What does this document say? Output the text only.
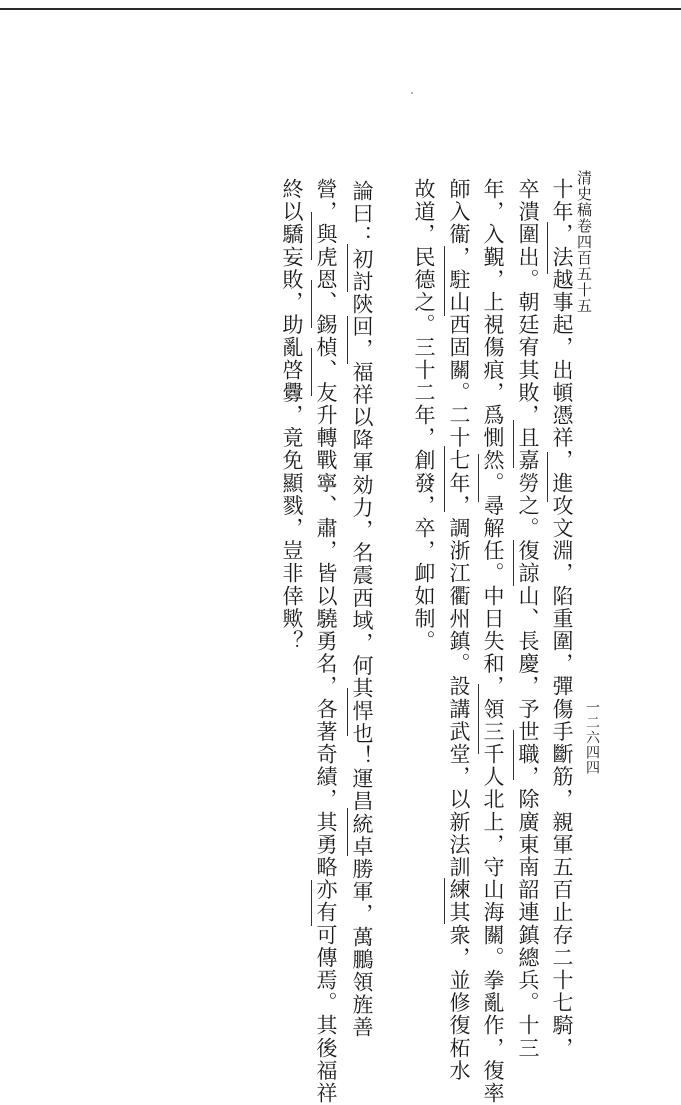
清史稿卷四百五十五
一二六四四
十年，法越事起，出頓憑祥，進攻文淵，陷重圍，彈傷手斷筋，親軍五百止存二十七騎，
卒潰圍出。朝廷宥其敗，且嘉勞之。復諒山、長慶，予世職，除廣東南韶連鎮總兵。十三
年，入覲，上視傷痕，爲惻然。尋解任。中日失和，領三千人北上，守山海關。拳亂作，復率
師入衞，駐山西固關。二十七年，調浙江衢州鎮。設講武堂，以新法訓練其衆，並修復柘水
故道，民德之。三十二年，創發，卒，卹如制。
論曰：初討陝回，福祥以降軍効力，名震西域，何其悍也！運昌統卓勝軍，萬鵬領旌善
營，與虎恩、錫楨、友升轉戰寧、肅，皆以驍勇名，各著奇績，其勇略亦有可傳焉。其後福祥
終以驕妄敗，助亂啓釁，竟免顯戮，豈非倖歟？
